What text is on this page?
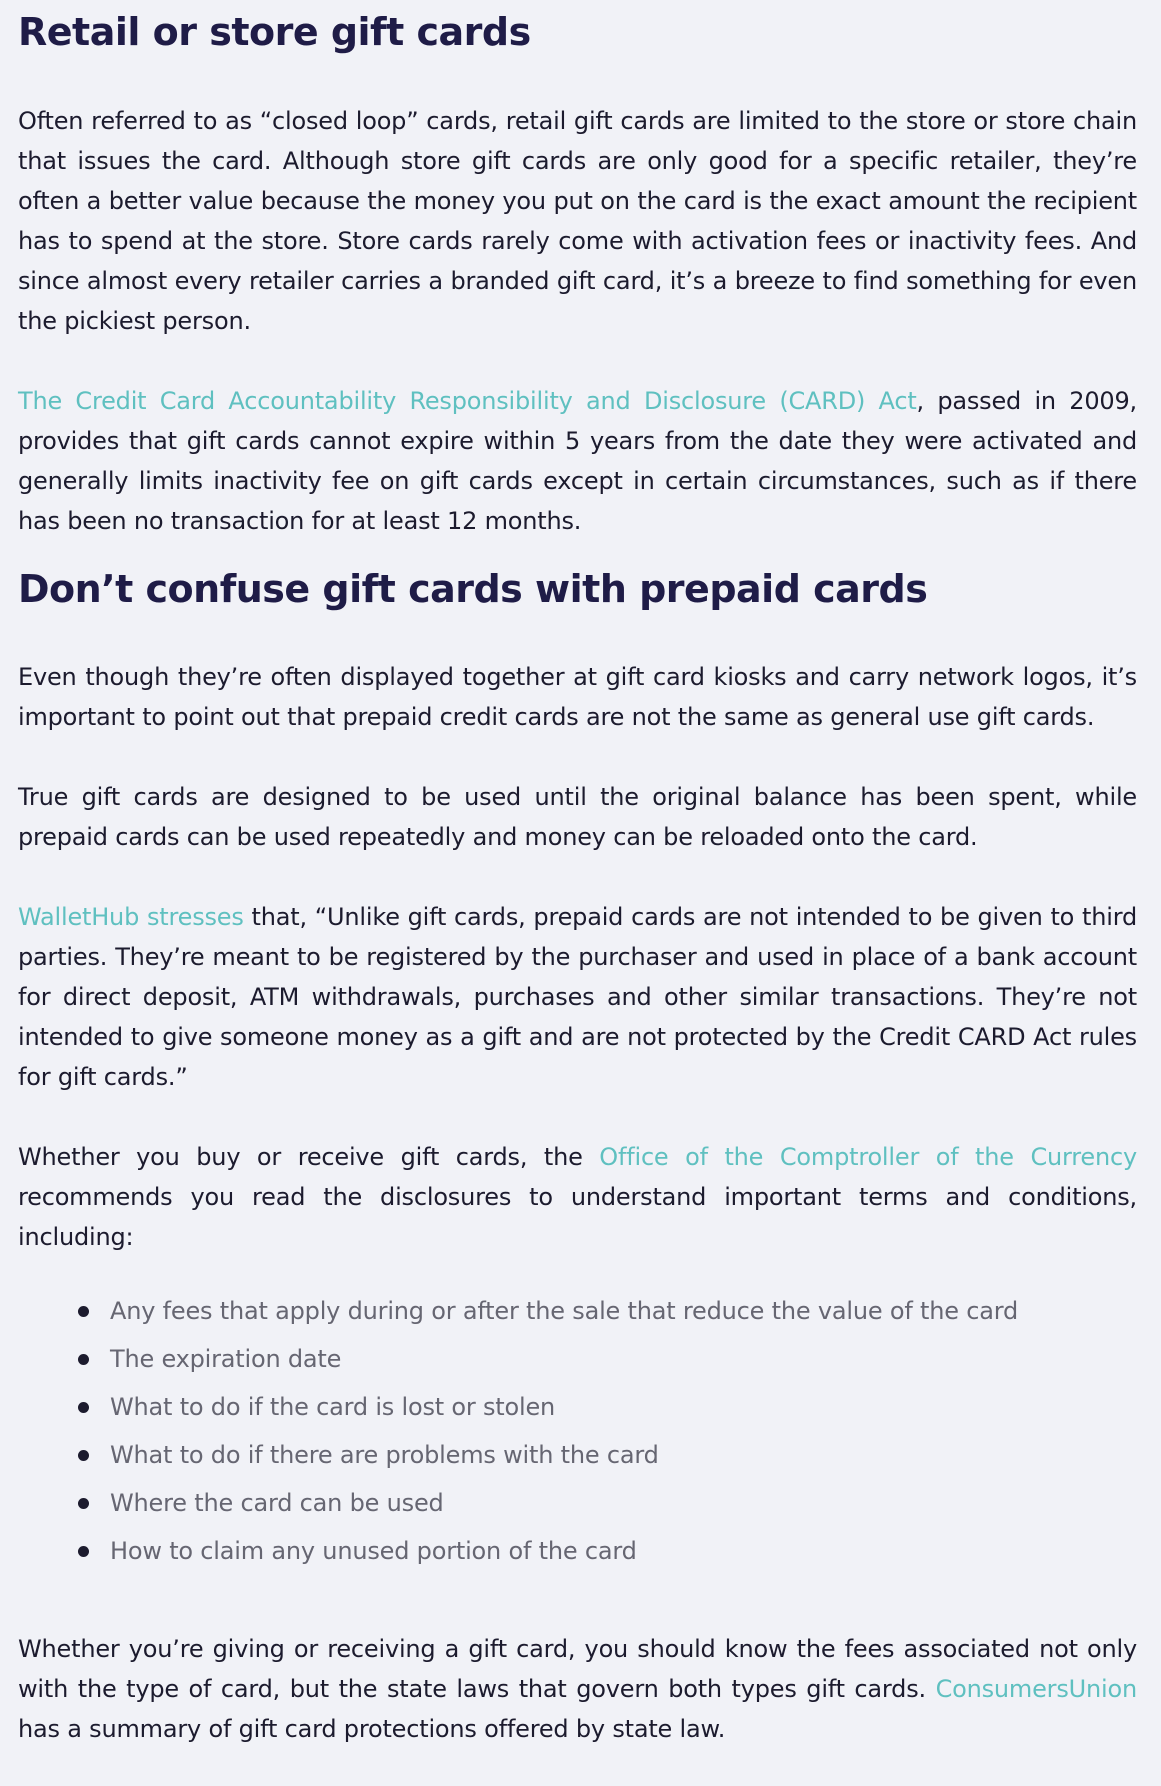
Retail or store gift cards

Often referred to as “closed loop” cards, retail gift cards are limited to the store or store chain that issues the card. Although store gift cards are only good for a specific retailer, they’re often a better value because the money you put on the card is the exact amount the recipient has to spend at the store. Store cards rarely come with activation fees or inactivity fees. And since almost every retailer carries a branded gift card, it’s a breeze to find something for even the pickiest person.

The Credit Card Accountability Responsibility and Disclosure (CARD) Act, passed in 2009, provides that gift cards cannot expire within 5 years from the date they were activated and generally limits inactivity fee on gift cards except in certain circumstances, such as if there has been no transaction for at least 12 months.

Don’t confuse gift cards with prepaid cards

Even though they’re often displayed together at gift card kiosks and carry network logos, it’s important to point out that prepaid credit cards are not the same as general use gift cards.

True gift cards are designed to be used until the original balance has been spent, while prepaid cards can be used repeatedly and money can be reloaded onto the card.

WalletHub stresses that, “Unlike gift cards, prepaid cards are not intended to be given to third parties. They’re meant to be registered by the purchaser and used in place of a bank account for direct deposit, ATM withdrawals, purchases and other similar transactions. They’re not intended to give someone money as a gift and are not protected by the Credit CARD Act rules for gift cards.”

Whether you buy or receive gift cards, the Office of the Comptroller of the Currency recommends you read the disclosures to understand important terms and conditions, including:

Any fees that apply during or after the sale that reduce the value of the card
The expiration date
What to do if the card is lost or stolen
What to do if there are problems with the card
Where the card can be used
How to claim any unused portion of the card

Whether you’re giving or receiving a gift card, you should know the fees associated not only with the type of card, but the state laws that govern both types gift cards. ConsumersUnion has a summary of gift card protections offered by state law.
